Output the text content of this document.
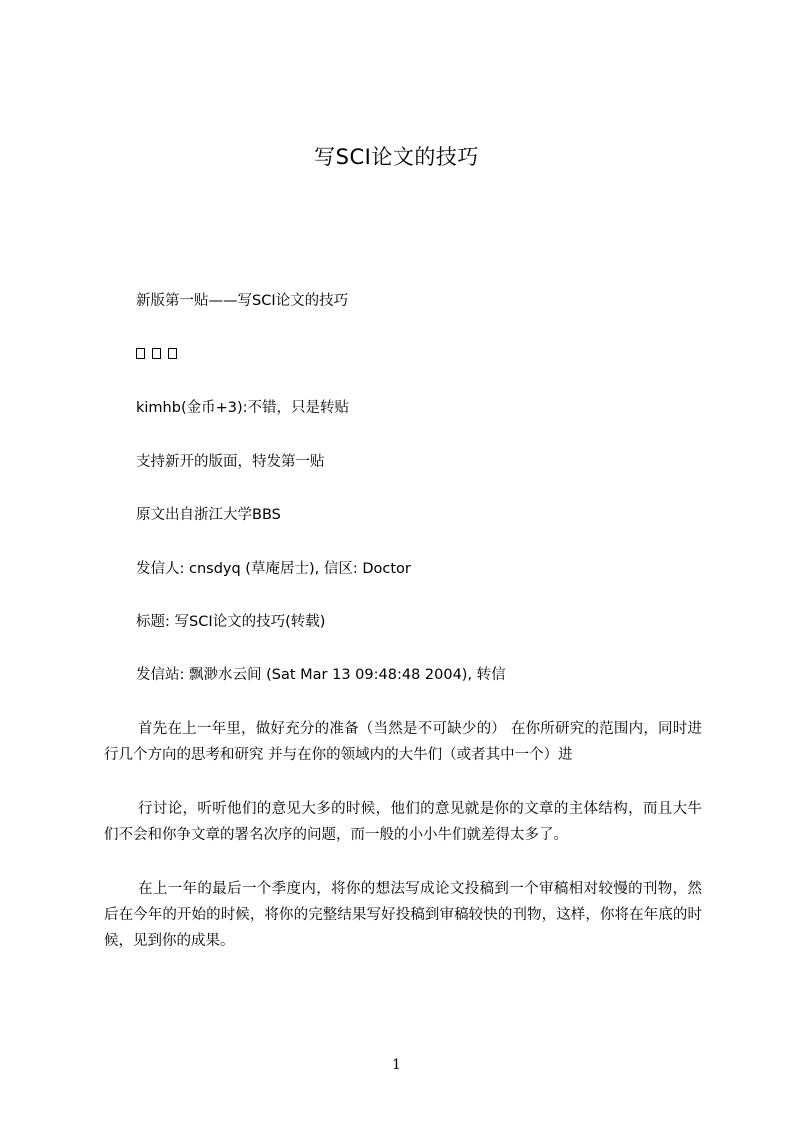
写SCI论文的技巧
新版第一贴——写SCI论文的技巧
kimhb(金币+3):不错，只是转贴
支持新开的版面，特发第一贴
原文出自浙江大学BBS
发信人: cnsdyq (草庵居士), 信区: Doctor
标题: 写SCI论文的技巧(转载)
发信站: 飘渺水云间 (Sat Mar 13 09:48:48 2004), 转信
首先在上一年里，做好充分的准备（当然是不可缺少的） 在你所研究的范围内，同时进行几个方向的思考和研究 并与在你的领域内的大牛们（或者其中一个）进
行讨论，听听他们的意见大多的时候，他们的意见就是你的文章的主体结构，而且大牛们不会和你争文章的署名次序的问题，而一般的小小牛们就差得太多了。
在上一年的最后一个季度内，将你的想法写成论文投稿到一个审稿相对较慢的刊物，然后在今年的开始的时候，将你的完整结果写好投稿到审稿较快的刊物，这样，你将在年底的时候，见到你的成果。
1
